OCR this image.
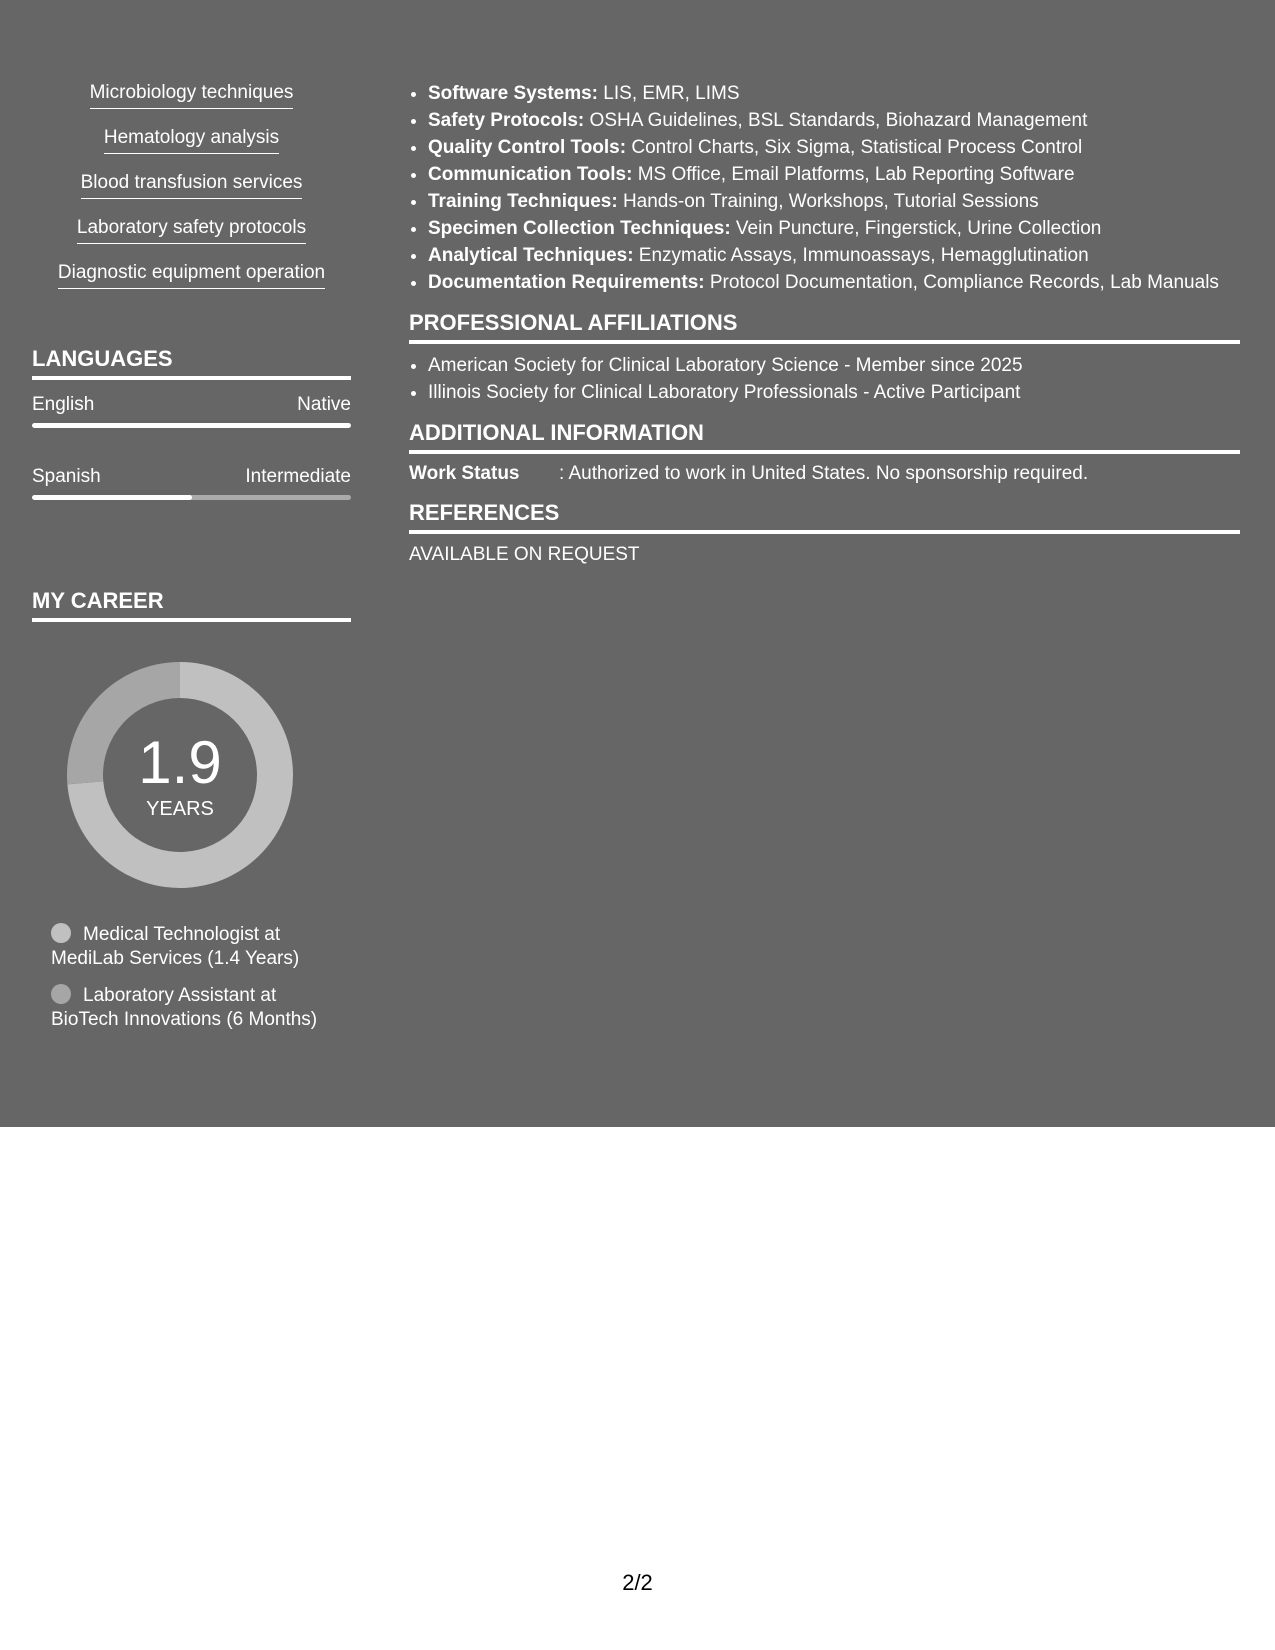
Microbiology techniques
Hematology analysis
Blood transfusion services
Laboratory safety protocols
Diagnostic equipment operation
LANGUAGES
English	Native
Spanish	Intermediate
MY CAREER
1.9
YEARS
Medical Technologist at
MediLab Services (1.4 Years)
Laboratory Assistant at
BioTech Innovations (6 Months)
• Software Systems: LIS, EMR, LIMS
• Safety Protocols: OSHA Guidelines, BSL Standards, Biohazard Management
• Quality Control Tools: Control Charts, Six Sigma, Statistical Process Control
• Communication Tools: MS Office, Email Platforms, Lab Reporting Software
• Training Techniques: Hands-on Training, Workshops, Tutorial Sessions
• Specimen Collection Techniques: Vein Puncture, Fingerstick, Urine Collection
• Analytical Techniques: Enzymatic Assays, Immunoassays, Hemagglutination
• Documentation Requirements: Protocol Documentation, Compliance Records, Lab Manuals
PROFESSIONAL AFFILIATIONS
• American Society for Clinical Laboratory Science - Member since 2025
• Illinois Society for Clinical Laboratory Professionals - Active Participant
ADDITIONAL INFORMATION
Work Status	: Authorized to work in United States. No sponsorship required.
REFERENCES
AVAILABLE ON REQUEST
2/2
